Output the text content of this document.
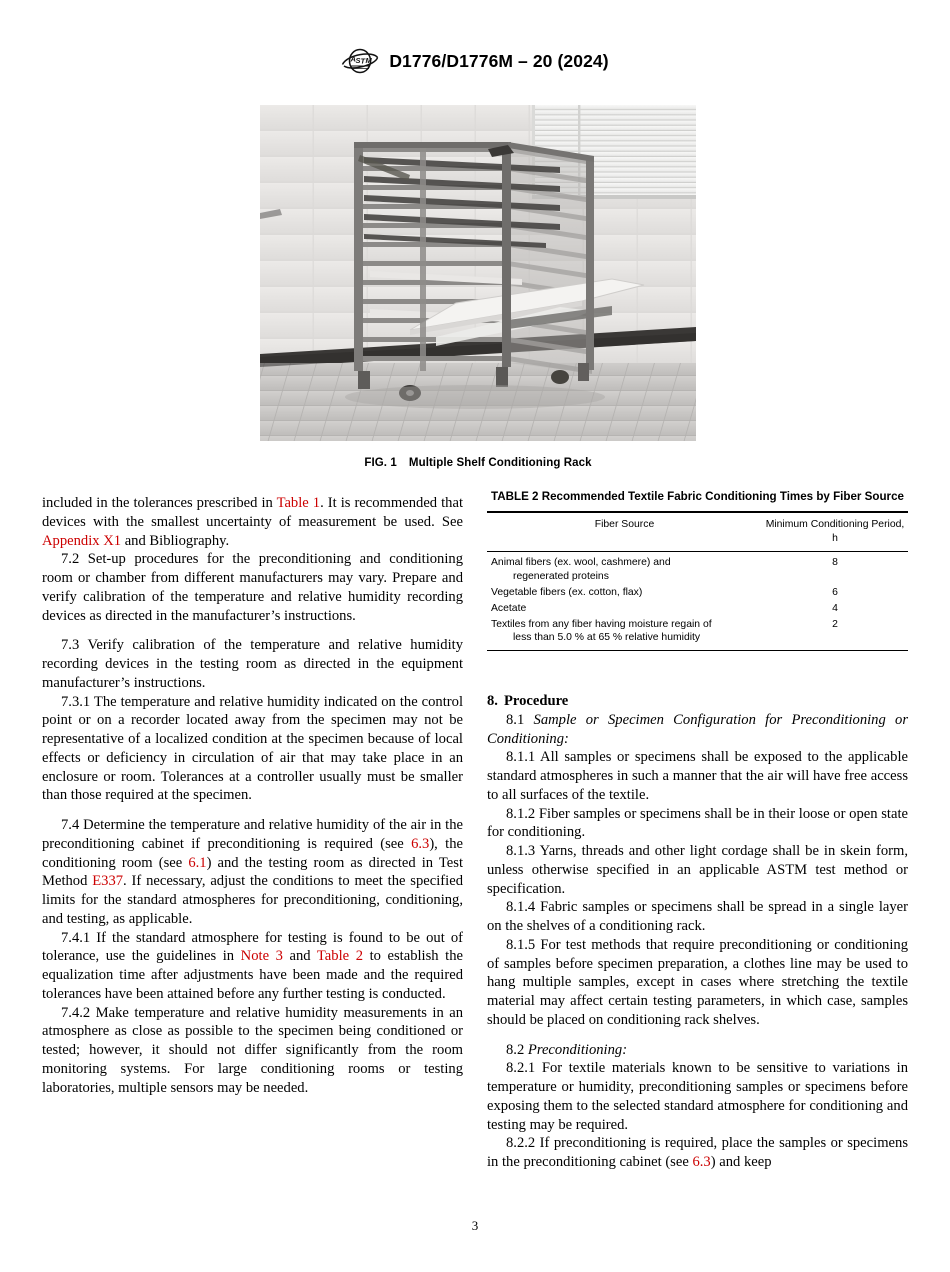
A S T M D1776/D1776M – 20 (2024)
FIG. 1 Multiple Shelf Conditioning Rack

included in the tolerances prescribed in Table 1. It is recommended that devices with the smallest uncertainty of measurement be used. See Appendix X1 and Bibliography.

7.2 Set-up procedures for the preconditioning and conditioning room or chamber from different manufacturers may vary. Prepare and verify calibration of the temperature and relative humidity recording devices as directed in the manufacturer’s instructions.

7.3 Verify calibration of the temperature and relative humidity recording devices in the testing room as directed in the equipment manufacturer’s instructions.

7.3.1 The temperature and relative humidity indicated on the control point or on a recorder located away from the specimen may not be representative of a localized condition at the specimen because of local effects or deficiency in circulation of air that may take place in an enclosure or room. Tolerances at a controller usually must be smaller than those required at the specimen.

7.4 Determine the temperature and relative humidity of the air in the preconditioning cabinet if preconditioning is required (see 6.3), the conditioning room (see 6.1) and the testing room as directed in Test Method E337. If necessary, adjust the conditions to meet the specified limits for the standard atmospheres for preconditioning, conditioning, and testing, as applicable.

7.4.1 If the standard atmosphere for testing is found to be out of tolerance, use the guidelines in Note 3 and Table 2 to establish the equalization time after adjustments have been made and the required tolerances have been attained before any further testing is conducted.

7.4.2 Make temperature and relative humidity measurements in an atmosphere as close as possible to the specimen being conditioned or tested; however, it should not differ significantly from the room monitoring systems. For large conditioning rooms or testing laboratories, multiple sensors may be needed.

TABLE 2 Recommended Textile Fabric Conditioning Times by Fiber Source

Fiber Source	Minimum Conditioning Period, h

Animal fibers (ex. wool, cashmere) and
regenerated proteins	8
Vegetable fibers (ex. cotton, flax)	6
Acetate	4
Textiles from any fiber having moisture regain of
less than 5.0 % at 65 % relative humidity	2

8. Procedure

8.1 Sample or Specimen Configuration for Preconditioning or Conditioning:

8.1.1 All samples or specimens shall be exposed to the applicable standard atmospheres in such a manner that the air will have free access to all surfaces of the textile.

8.1.2 Fiber samples or specimens shall be in their loose or open state for conditioning.

8.1.3 Yarns, threads and other light cordage shall be in skein form, unless otherwise specified in an applicable ASTM test method or specification.

8.1.4 Fabric samples or specimens shall be spread in a single layer on the shelves of a conditioning rack.

8.1.5 For test methods that require preconditioning or conditioning of samples before specimen preparation, a clothes line may be used to hang multiple samples, except in cases where stretching the textile material may affect certain testing parameters, in which case, samples should be placed on conditioning rack shelves.

8.2 Preconditioning:

8.2.1 For textile materials known to be sensitive to variations in temperature or humidity, preconditioning samples or specimens before exposing them to the selected standard atmosphere for conditioning and testing may be required.

8.2.2 If preconditioning is required, place the samples or specimens in the preconditioning cabinet (see 6.3) and keep

3
